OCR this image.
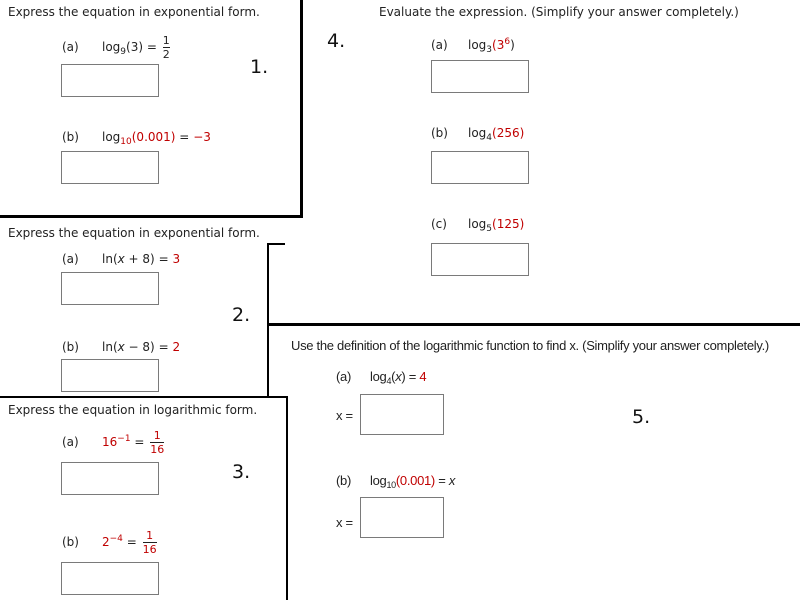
Express the equation in exponential form.
1.
(a) $\log_9(3) = \frac{1}{2}$
(b) $\log_{10}(0.001) = -3$
Express the equation in exponential form.
2.
(a) ln(x + 8) = 3
(b) ln(x − 8) = 2
Express the equation in logarithmic form.
3.
(a) $16^{-1} = \frac{1}{16}$
(b) $2^{-4} = \frac{1}{16}$
Evaluate the expression. (Simplify your answer completely.)
4.	(a) $\log_3(3^6)$
(b) $\log_4(256)$
(c) $\log_5(125)$
Use the definition of the logarithmic function to find x. (Simplify your answer completely.)
5.
(a) $\log_4(x) = 4$
x =
(b) $\log_{10}(0.001) = x$
x =
